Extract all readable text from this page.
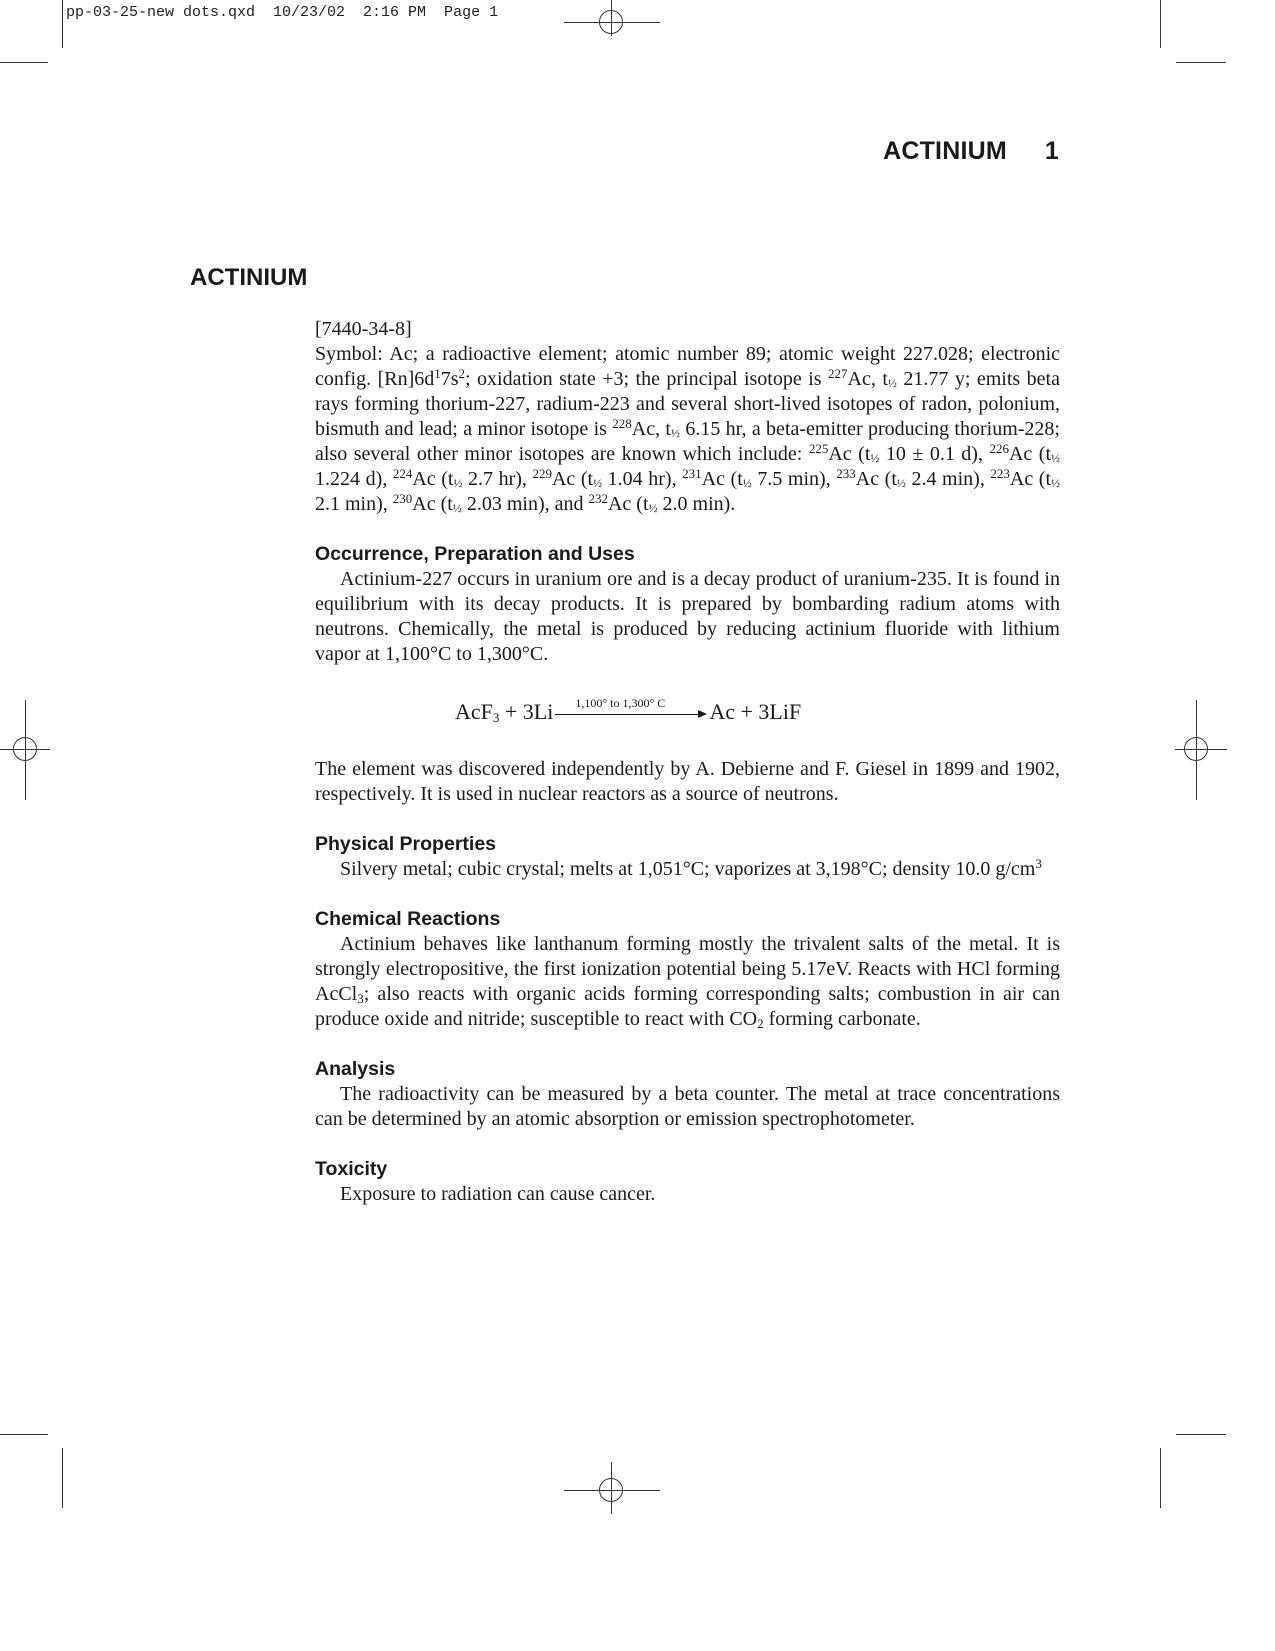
pp-03-25-new dots.qxd  10/23/02  2:16 PM  Page 1
ACTINIUM 1
ACTINIUM

[7440-34-8]

Symbol: Ac; a radioactive element; atomic number 89; atomic weight 227.028; electronic config. $[Rn]6d^17s^2$; oxidation state +3; the principal isotope is $^{227}$Ac, t½ 21.77 y; emits beta rays forming thorium-227, radium-223 and several short-lived isotopes of radon, polonium, bismuth and lead; a minor isotope is $^{228}$Ac, t½ 6.15 hr, a beta-emitter producing thorium-228; also several other minor isotopes are known which include: $^{225}$Ac (t½ 10 ± 0.1 d), $^{226}$Ac (t½ 1.224 d), $^{224}$Ac (t½ 2.7 hr), $^{229}$Ac (t½ 1.04 hr), $^{231}$Ac (t½ 7.5 min), $^{233}$Ac (t½ 2.4 min), $^{223}$Ac (t½ 2.1 min), $^{230}$Ac (t½ 2.03 min), and $^{232}$Ac (t½ 2.0 min).

Occurrence, Preparation and Uses

Actinium-227 occurs in uranium ore and is a decay product of uranium-235. It is found in equilibrium with its decay products. It is prepared by bombarding radium atoms with neutrons. Chemically, the metal is produced by reducing actinium fluoride with lithium vapor at 1,100°C to 1,300°C.

AcF$_3$ + 3Li 1,100° to 1,300° C Ac + 3LiF

The element was discovered independently by A. Debierne and F. Giesel in 1899 and 1902, respectively. It is used in nuclear reactors as a source of neutrons.

Physical Properties

Silvery metal; cubic crystal; melts at 1,051°C; vaporizes at 3,198°C; density 10.0 $g/cm^3$

Chemical Reactions

Actinium behaves like lanthanum forming mostly the trivalent salts of the metal. It is strongly electropositive, the first ionization potential being 5.17eV. Reacts with HCl forming AcCl$_3$; also reacts with organic acids forming corresponding salts; combustion in air can produce oxide and nitride; susceptible to react with $CO_2$ forming carbonate.

Analysis

The radioactivity can be measured by a beta counter. The metal at trace concentrations can be determined by an atomic absorption or emission spectrophotometer.

Toxicity

Exposure to radiation can cause cancer.
